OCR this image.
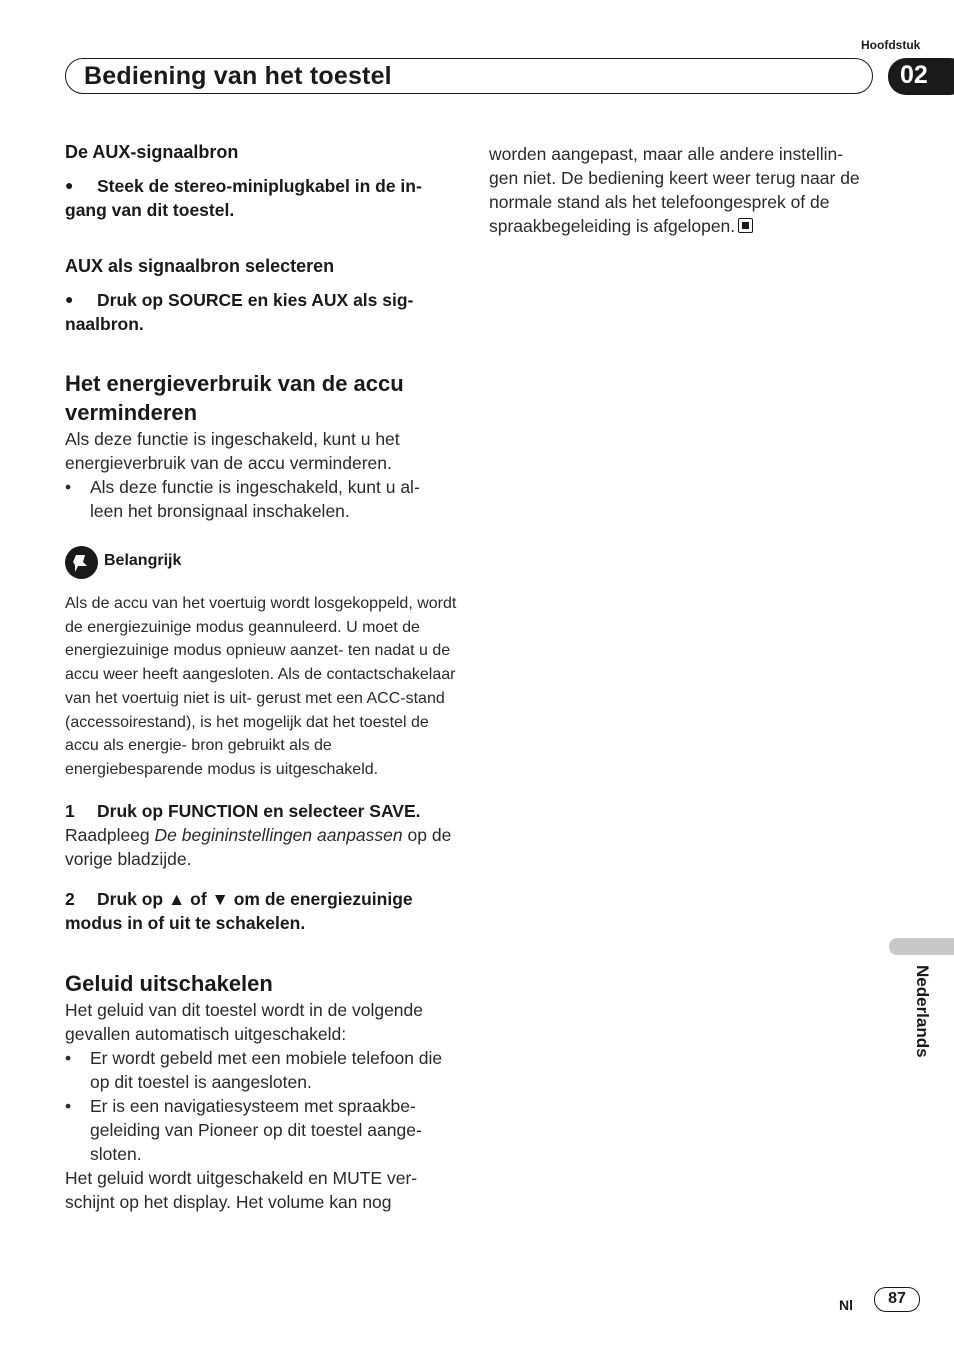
Hoofdstuk
Bediening van het toestel	02

De AUX-signaalbron

● Steek de stereo-miniplugkabel in de in- gang van dit toestel.

AUX als signaalbron selecteren

● Druk op SOURCE en kies AUX als sig- naalbron.

Het energieverbruik van de accu verminderen

Als deze functie is ingeschakeld, kunt u het energieverbruik van de accu verminderen.

• Als deze functie is ingeschakeld, kunt u al- leen het bronsignaal inschakelen.
Belangrijk

Als de accu van het voertuig wordt losgekoppeld, wordt de energiezuinige modus geannuleerd. U moet de energiezuinige modus opnieuw aanzet- ten nadat u de accu weer heeft aangesloten. Als de contactschakelaar van het voertuig niet is uit- gerust met een ACC-stand (accessoirestand), is het mogelijk dat het toestel de accu als energie- bron gebruikt als de energiebesparende modus is uitgeschakeld.

1 Druk op FUNCTION en selecteer SAVE.

Raadpleeg De begininstellingen aanpassen op de vorige bladzijde.

2 Druk op ▲ of ▼ om de energiezuinige modus in of uit te schakelen.

Geluid uitschakelen

Het geluid van dit toestel wordt in de volgende gevallen automatisch uitgeschakeld:

• Er wordt gebeld met een mobiele telefoon die op dit toestel is aangesloten.
• Er is een navigatiesysteem met spraakbe- geleiding van Pioneer op dit toestel aange- sloten.

Het geluid wordt uitgeschakeld en MUTE ver- schijnt op het display. Het volume kan nog

worden aangepast, maar alle andere instellin- gen niet. De bediening keert weer terug naar de normale stand als het telefoongesprek of de spraakbegeleiding is afgelopen.

Nederlands
Nl	87
